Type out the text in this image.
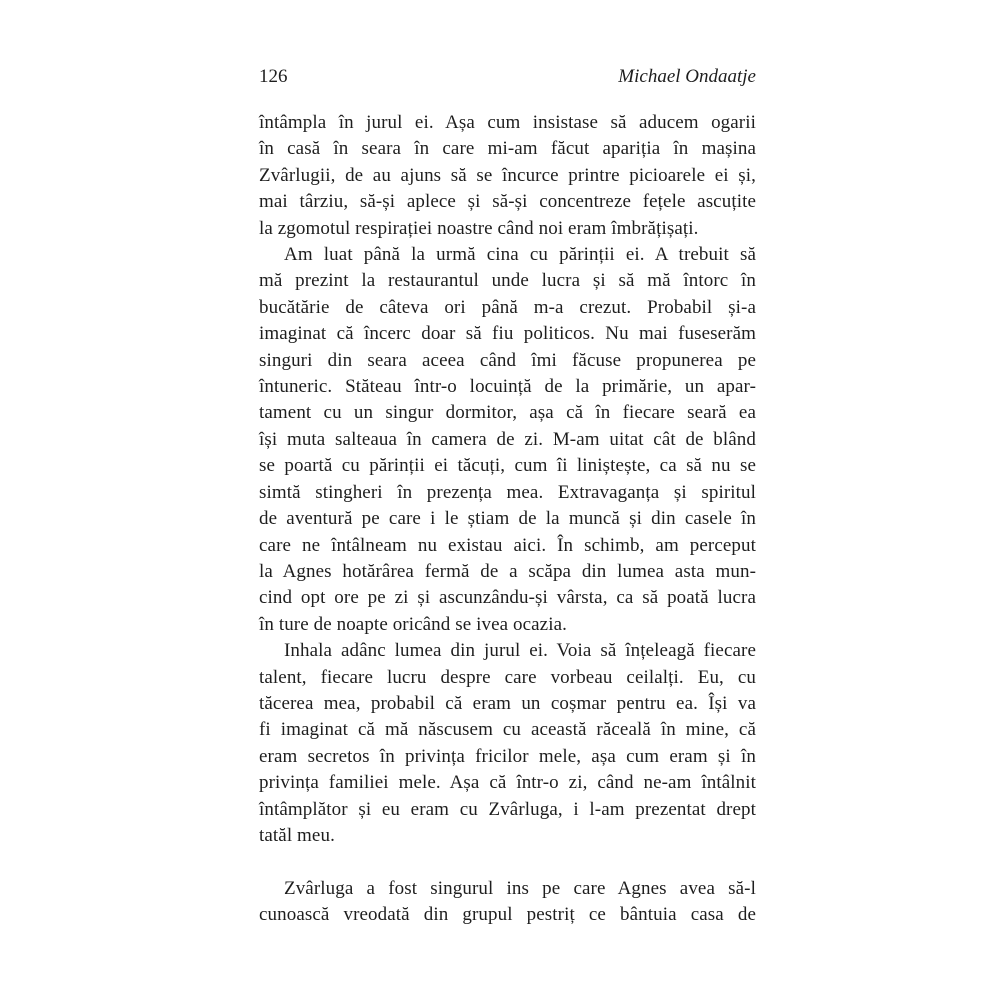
126	Michael Ondaatje
întâmpla în jurul ei. Așa cum insistase să aducem ogarii
în casă în seara în care mi-am făcut apariția în mașina
Zvârlugii, de au ajuns să se încurce printre picioarele ei și,
mai târziu, să-și aplece și să-și concentreze fețele ascuțite
la zgomotul respirației noastre când noi eram îmbrățișați.
Am luat până la urmă cina cu părinții ei. A trebuit să
mă prezint la restaurantul unde lucra și să mă întorc în
bucătărie de câteva ori până m-a crezut. Probabil și-a
imaginat că încerc doar să fiu politicos. Nu mai fuseserăm
singuri din seara aceea când îmi făcuse propunerea pe
întuneric. Stăteau într-o locuință de la primărie, un apar-
tament cu un singur dormitor, așa că în fiecare seară ea
își muta salteaua în camera de zi. M-am uitat cât de blând
se poartă cu părinții ei tăcuți, cum îi liniștește, ca să nu se
simtă stingheri în prezența mea. Extravaganța și spiritul
de aventură pe care i le știam de la muncă și din casele în
care ne întâlneam nu existau aici. În schimb, am perceput
la Agnes hotărârea fermă de a scăpa din lumea asta mun-
cind opt ore pe zi și ascunzându-și vârsta, ca să poată lucra
în ture de noapte oricând se ivea ocazia.
Inhala adânc lumea din jurul ei. Voia să înțeleagă fiecare
talent, fiecare lucru despre care vorbeau ceilalți. Eu, cu
tăcerea mea, probabil că eram un coșmar pentru ea. Își va
fi imaginat că mă născusem cu această răceală în mine, că
eram secretos în privința fricilor mele, așa cum eram și în
privința familiei mele. Așa că într-o zi, când ne-am întâlnit
întâmplător și eu eram cu Zvârluga, i l-am prezentat drept
tatăl meu.
Zvârluga a fost singurul ins pe care Agnes avea să-l
cunoască vreodată din grupul pestriț ce bântuia casa de
